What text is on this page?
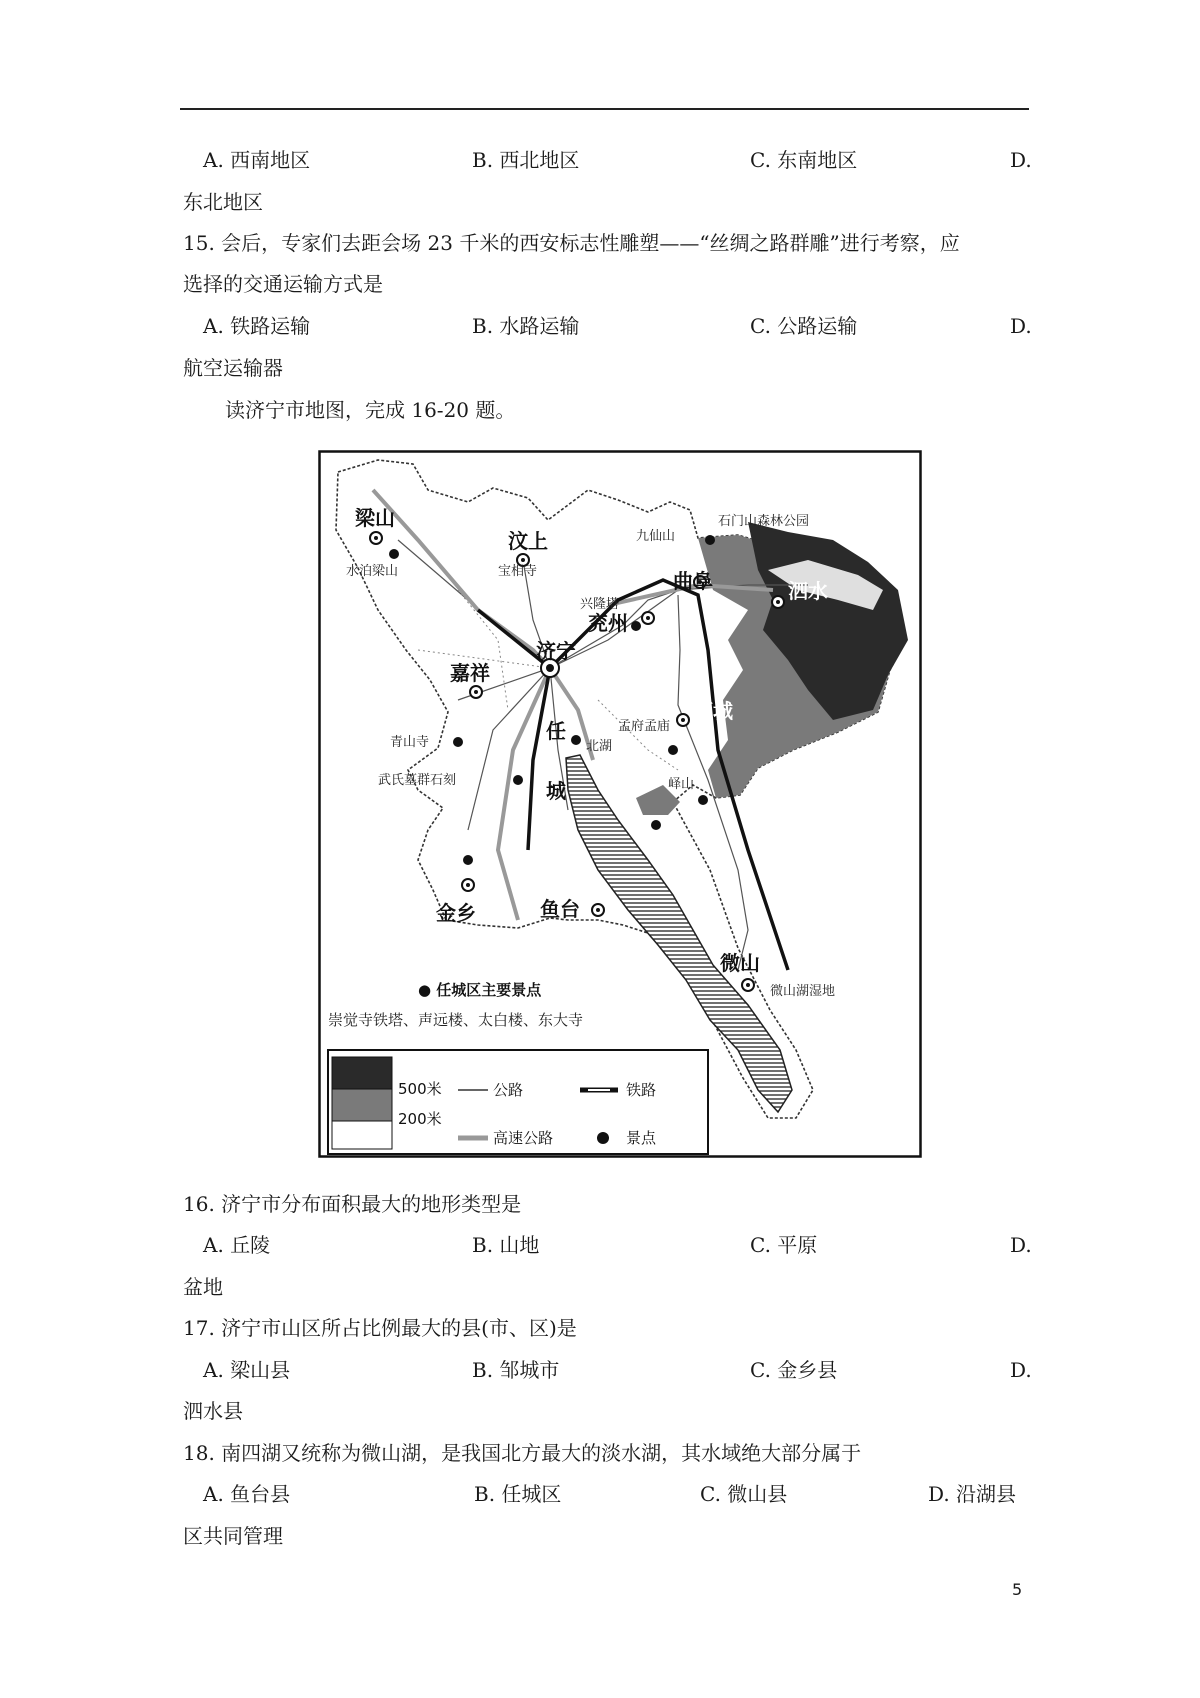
A. 西南地区	B. 西北地区	C. 东南地区	D.
东北地区
15. 会后，专家们去距会场 23 千米的西安标志性雕塑——“丝绸之路群雕”进行考察，应
选择的交通运输方式是
A. 铁路运输	B. 水路运输	C. 公路运输	D.
航空运输器
读济宁市地图，完成 16-20 题。
梁山
汶上
曲阜	泗水
兖州
济宁
嘉祥
邹城
任
城
金乡	鱼台
微山
水泊梁山	宝相寺
九仙山
石门山森林公园
兴隆塔
青山寺
武氏墓群石刻
北湖
孟府孟庙
峄山
微山湖湿地
● 任城区主要景点
崇觉寺铁塔、声远楼、太白楼、东大寺
500米
200米
公路
高速公路
铁路
景点
16. 济宁市分布面积最大的地形类型是
A. 丘陵	B. 山地	C. 平原	D.
盆地
17. 济宁市山区所占比例最大的县(市、区)是
A. 梁山县	B. 邹城市	C. 金乡县	D.
泗水县
18. 南四湖又统称为微山湖，是我国北方最大的淡水湖，其水域绝大部分属于
A. 鱼台县	B. 任城区	C. 微山县	D. 沿湖县
区共同管理
5
